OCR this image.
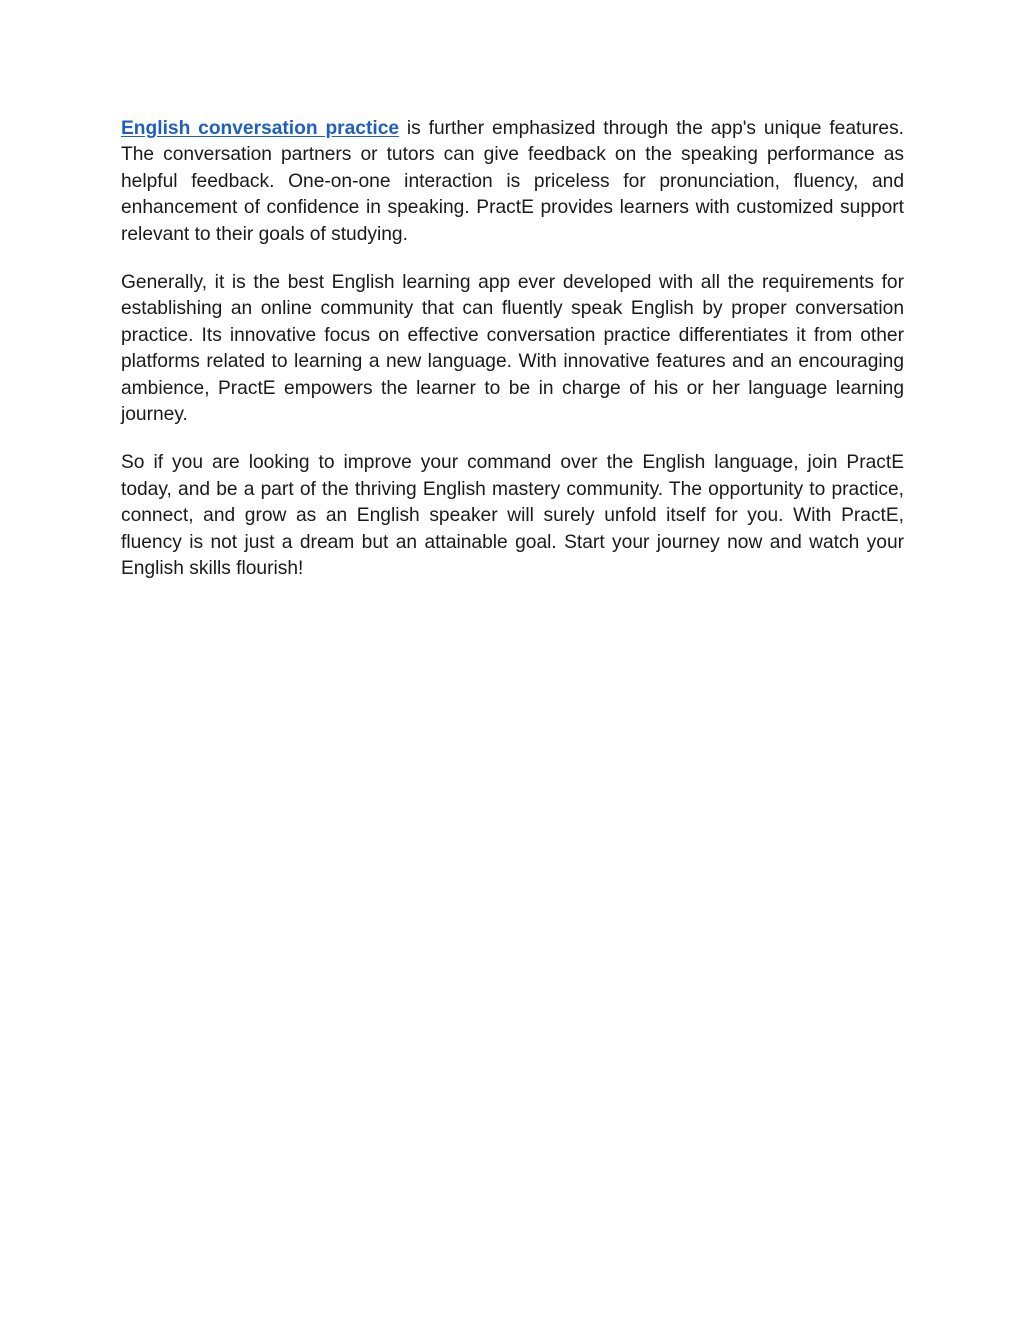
English conversation practice is further emphasized through the app's unique features. The conversation partners or tutors can give feedback on the speaking performance as helpful feedback. One-on-one interaction is priceless for pronunciation, fluency, and enhancement of confidence in speaking. PractE provides learners with customized support relevant to their goals of studying.

Generally, it is the best English learning app ever developed with all the requirements for establishing an online community that can fluently speak English by proper conversation practice. Its innovative focus on effective conversation practice differentiates it from other platforms related to learning a new language. With innovative features and an encouraging ambience, PractE empowers the learner to be in charge of his or her language learning journey.

So if you are looking to improve your command over the English language, join PractE today, and be a part of the thriving English mastery community. The opportunity to practice, connect, and grow as an English speaker will surely unfold itself for you. With PractE, fluency is not just a dream but an attainable goal. Start your journey now and watch your English skills flourish!
